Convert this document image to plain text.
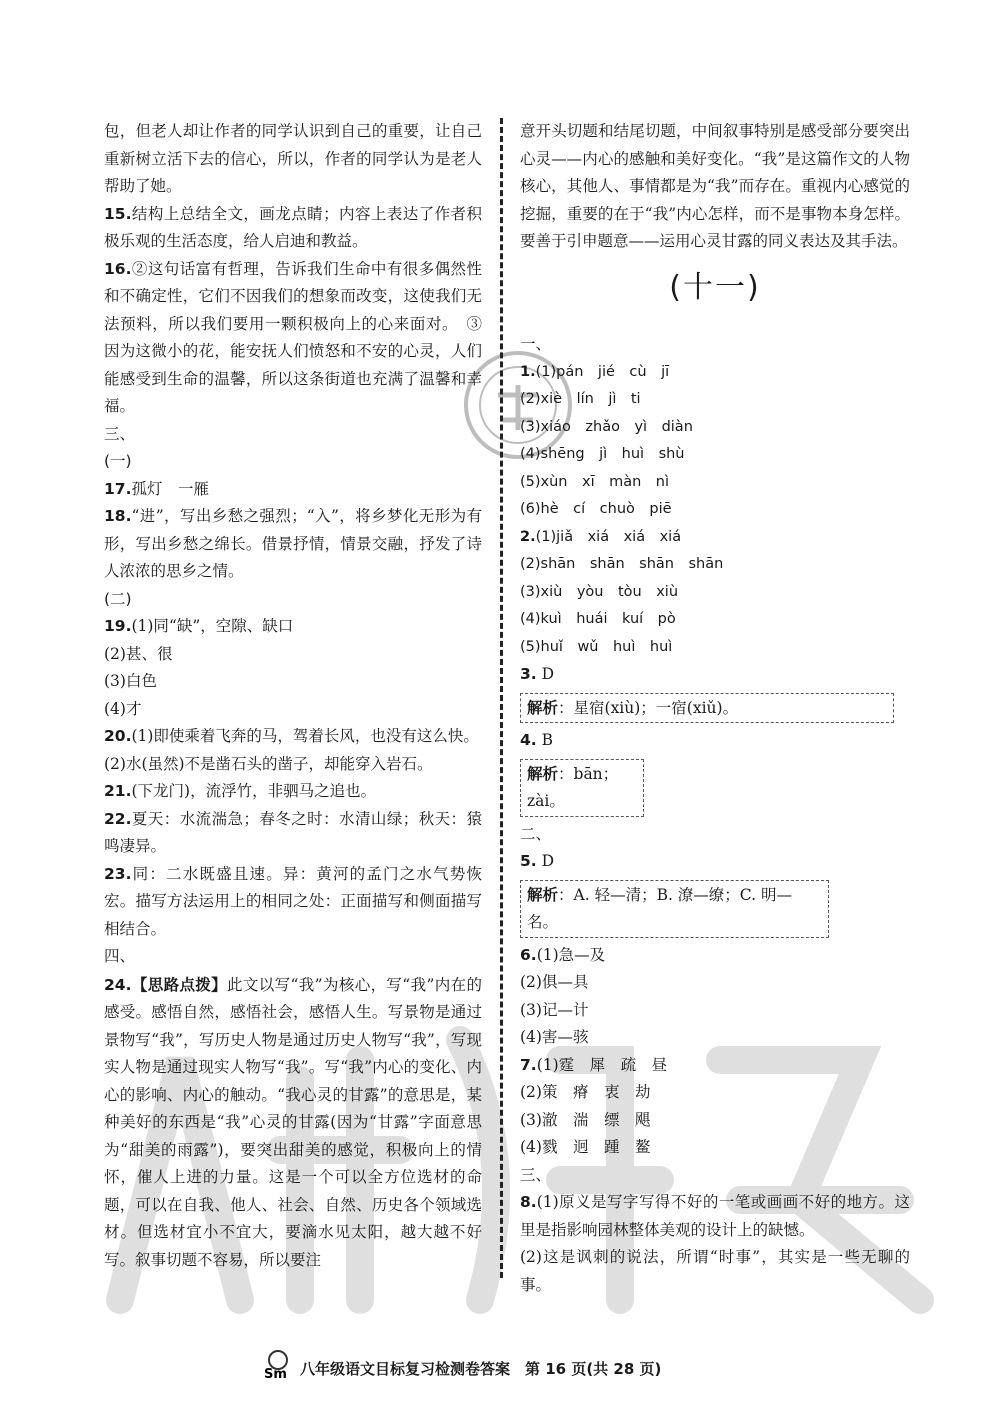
包，但老人却让作者的同学认识到自己的重要，让自己重新树立活下去的信心，所以，作者的同学认为是老人帮助了她。

15.结构上总结全文，画龙点睛；内容上表达了作者积极乐观的生活态度，给人启迪和教益。

16.②这句话富有哲理，告诉我们生命中有很多偶然性和不确定性，它们不因我们的想象而改变，这使我们无法预料，所以我们要用一颗积极向上的心来面对。　③因为这微小的花，能安抚人们愤怒和不安的心灵，人们能感受到生命的温馨，所以这条街道也充满了温馨和幸福。

三、

(一)

17.孤灯　一雁

18.“进”，写出乡愁之强烈；“入”，将乡梦化无形为有形，写出乡愁之绵长。借景抒情，情景交融，抒发了诗人浓浓的思乡之情。

(二)

19.(1)同“缺”，空隙、缺口

(2)甚、很

(3)白色

(4)才

20.(1)即使乘着飞奔的马，驾着长风，也没有这么快。

(2)水(虽然)不是凿石头的凿子，却能穿入岩石。

21.(下龙门)，流浮竹，非驷马之追也。

22.夏天：水流湍急；春冬之时：水清山绿；秋天：猿鸣凄异。

23.同：二水既盛且速。异：黄河的孟门之水气势恢宏。描写方法运用上的相同之处：正面描写和侧面描写相结合。

四、

24.【思路点拨】此文以写“我”为核心，写“我”内在的感受。感悟自然，感悟社会，感悟人生。写景物是通过景物写“我”，写历史人物是通过历史人物写“我”，写现实人物是通过现实人物写“我”。写“我”内心的变化、内心的影响、内心的触动。“我心灵的甘露”的意思是，某种美好的东西是“我”心灵的甘露(因为“甘露”字面意思为“甜美的雨露”)，要突出甜美的感觉，积极向上的情怀，催人上进的力量。这是一个可以全方位选材的命题，可以在自我、他人、社会、自然、历史各个领域选材。但选材宜小不宜大，要滴水见太阳，越大越不好写。叙事切题不容易，所以要注

意开头切题和结尾切题，中间叙事特别是感受部分要突出心灵——内心的感触和美好变化。“我”是这篇作文的人物核心，其他人、事情都是为“我”而存在。重视内心感觉的挖掘，重要的在于“我”内心怎样，而不是事物本身怎样。要善于引申题意——运用心灵甘露的同义表达及其手法。

(十一)

一、

1.(1)pán　jié　cù　jī

(2)xiè　lín　jì　ti

(3)xiáo　zhǎo　yì　diàn

(4)shēng　jì　huì　shù

(5)xùn　xī　màn　nì

(6)hè　cí　chuò　piē

2.(1)jiǎ　xiá　xiá　xiá

(2)shān　shān　shān　shān

(3)xiù　yòu　tòu　xiù

(4)kuì　huái　kuí　pò

(5)huǐ　wǔ　huì　huì

3. D

解析：星宿(xiù)；一宿(xiǔ)。

4. B

解析：bān；zài。

二、

5. D

解析：A. 轻—清；B. 潦—缭；C. 明—名。

6.(1)急—及

(2)俱—具

(3)记—计

(4)害—骇

7.(1)霆　犀　疏　昼

(2)策　瘠　衷　劫

(3)澈　湍　缥　飓

(4)戮　迥　踵　鳌

三、

8.(1)原义是写字写得不好的一笔或画画不好的地方。这里是指影响园林整体美观的设计上的缺憾。

(2)这是讽刺的说法，所谓“时事”，其实是一些无聊的事。

Sm 八年级语文目标复习检测卷答案　第 16 页(共 28 页)
